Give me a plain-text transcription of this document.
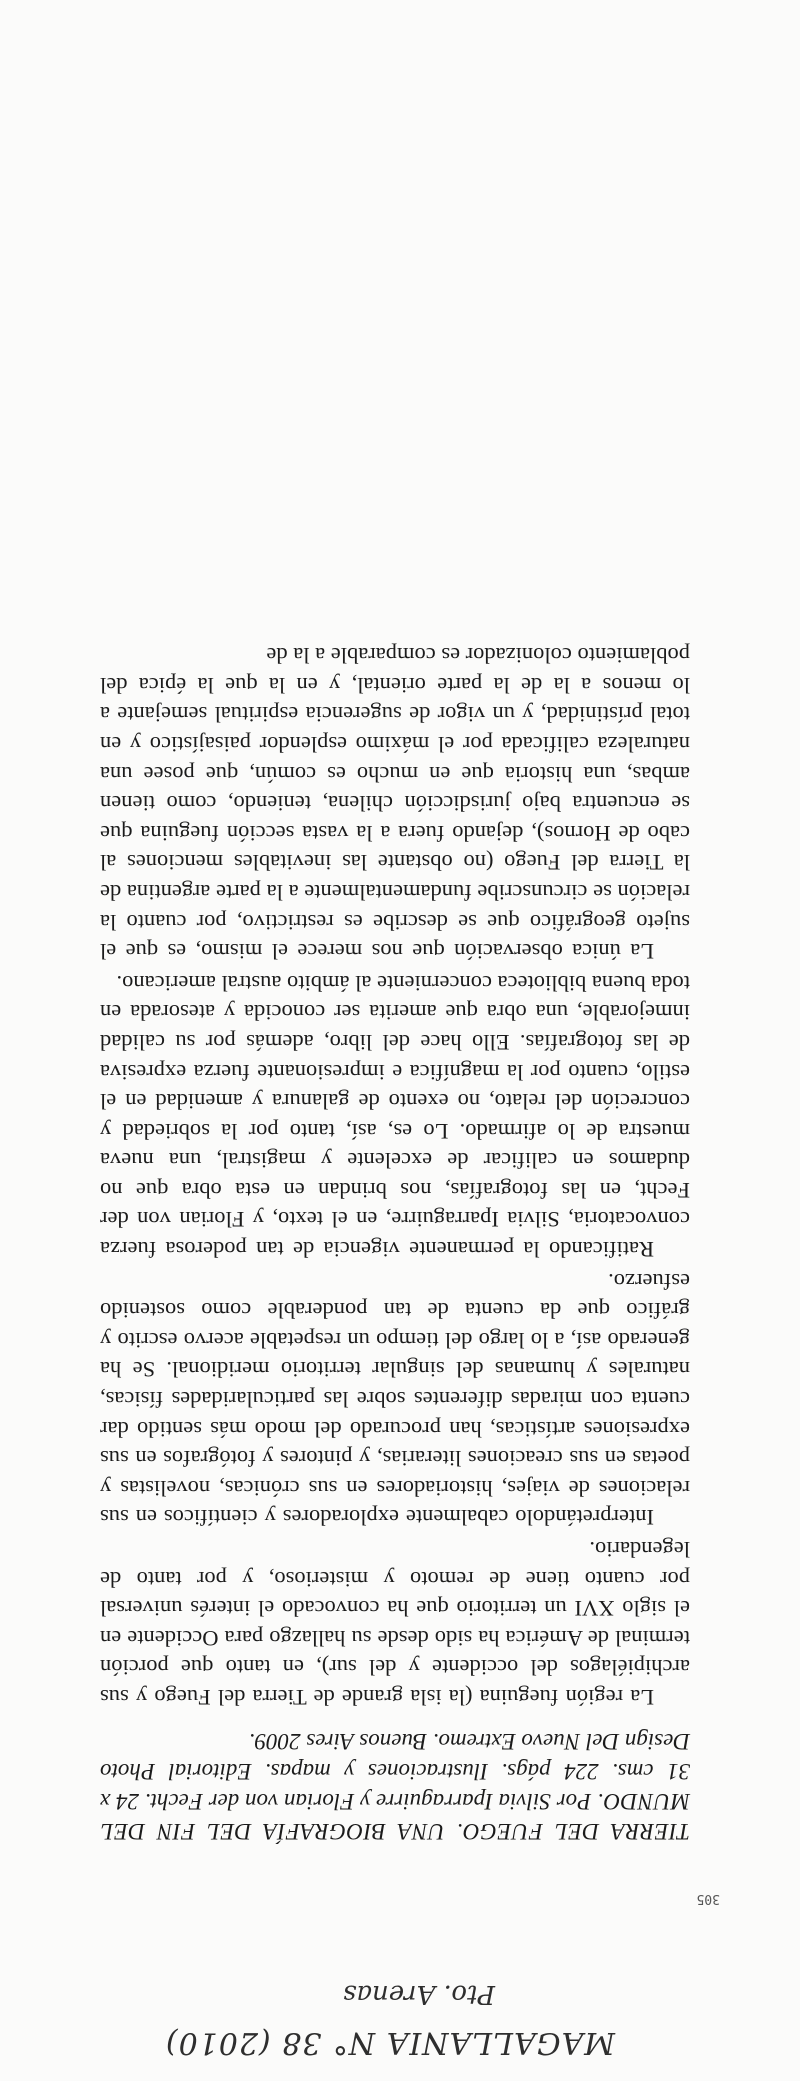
MAGALLANIA N° 38 (2010)
Pto. Arenas
305

TIERRA DEL FUEGO. UNA BIOGRAFÍA DEL FIN DEL MUNDO. Por Silvia Iparraguirre y Florian von der Fecht. 24 x 31 cms. 224 págs. Ilustraciones y mapas. Editorial Photo Design Del Nuevo Extremo. Buenos Aires 2009.

La región fueguina (la isla grande de Tierra del Fuego y sus archipiélagos del occidente y del sur), en tanto que porción terminal de América ha sido desde su hallazgo para Occidente en el siglo XVI un territorio que ha convocado el interés universal por cuanto tiene de remoto y misterioso, y por tanto de legendario.

Interpretándolo cabalmente exploradores y científicos en sus relaciones de viajes, historiadores en sus crónicas, novelistas y poetas en sus creaciones literarias, y pintores y fotógrafos en sus expresiones artísticas, han procurado del modo más sentido dar cuenta con miradas diferentes sobre las particularidades físicas, naturales y humanas del singular territorio meridional. Se ha generado así, a lo largo del tiempo un respetable acervo escrito y gráfico que da cuenta de tan ponderable como sostenido esfuerzo.

Ratificando la permanente vigencia de tan poderosa fuerza convocatoria, Silvia Iparraguirre, en el texto, y Florian von der Fecht, en las fotografías, nos brindan en esta obra que no dudamos en calificar de excelente y magistral, una nueva muestra de lo afirmado. Lo es, así, tanto por la sobriedad y concreción del relato, no exento de galanura y amenidad en el estilo, cuanto por la magnífica e impresionante fuerza expresiva de las fotografías. Ello hace del libro, además por su calidad inmejorable, una obra que amerita ser conocida y atesorada en toda buena biblioteca concerniente al ámbito austral americano.

La única observación que nos merece el mismo, es que el sujeto geográfico que se describe es restrictivo, por cuanto la relación se circunscribe fundamentalmente a la parte argentina de la Tierra del Fuego (no obstante las inevitables menciones al cabo de Hornos), dejando fuera a la vasta sección fueguina que se encuentra bajo jurisdicción chilena, teniendo, como tienen ambas, una historia que en mucho es común, que posee una naturaleza calificada por el máximo esplendor paisajístico y en total prístinidad, y un vigor de sugerencia espiritual semejante a lo menos a la de la parte oriental, y en la que la épica del poblamiento colonizador es comparable a la de
